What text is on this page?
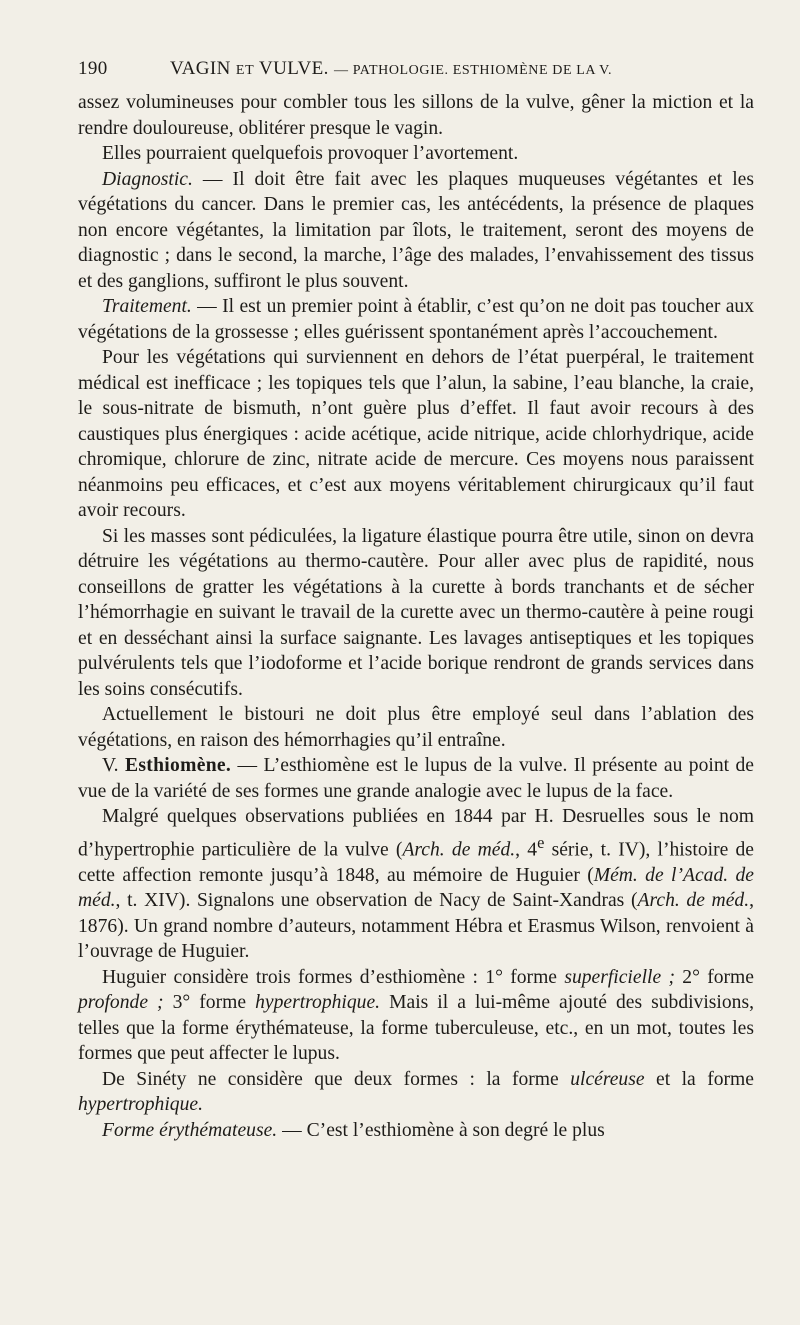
190	VAGIN ET VULVE. — PATHOLOGIE. ESTHIOMÈNE DE LA V.

assez volumineuses pour combler tous les sillons de la vulve, gêner la miction et la rendre douloureuse, oblitérer presque le vagin.

Elles pourraient quelquefois provoquer l’avortement.

Diagnostic. — Il doit être fait avec les plaques muqueuses végétantes et les végétations du cancer. Dans le premier cas, les antécédents, la présence de plaques non encore végétantes, la limitation par îlots, le traitement, seront des moyens de diagnostic ; dans le second, la marche, l’âge des malades, l’envahissement des tissus et des ganglions, suffiront le plus souvent.

Traitement. — Il est un premier point à établir, c’est qu’on ne doit pas toucher aux végétations de la grossesse ; elles guérissent spontanément après l’accouchement.

Pour les végétations qui surviennent en dehors de l’état puerpéral, le traitement médical est inefficace ; les topiques tels que l’alun, la sabine, l’eau blanche, la craie, le sous-nitrate de bismuth, n’ont guère plus d’effet. Il faut avoir recours à des caustiques plus énergiques : acide acétique, acide nitrique, acide chlorhydrique, acide chromique, chlorure de zinc, nitrate acide de mercure. Ces moyens nous paraissent néanmoins peu efficaces, et c’est aux moyens véritablement chirurgicaux qu’il faut avoir recours.

Si les masses sont pédiculées, la ligature élastique pourra être utile, sinon on devra détruire les végétations au thermo-cautère. Pour aller avec plus de rapidité, nous conseillons de gratter les végétations à la curette à bords tranchants et de sécher l’hémorrhagie en suivant le travail de la curette avec un thermo-cautère à peine rougi et en desséchant ainsi la surface saignante. Les lavages antiseptiques et les topiques pulvérulents tels que l’iodoforme et l’acide borique rendront de grands services dans les soins consécutifs.

Actuellement le bistouri ne doit plus être employé seul dans l’ablation des végétations, en raison des hémorrhagies qu’il entraîne.

V. Esthiomène. — L’esthiomène est le lupus de la vulve. Il présente au point de vue de la variété de ses formes une grande analogie avec le lupus de la face.

Malgré quelques observations publiées en 1844 par H. Desruelles sous le nom d’hypertrophie particulière de la vulve (Arch. de méd., 4e série, t. IV), l’histoire de cette affection remonte jusqu’à 1848, au mémoire de Huguier (Mém. de l’Acad. de méd., t. XIV). Signalons une observation de Nacy de Saint-Xandras (Arch. de méd., 1876). Un grand nombre d’auteurs, notamment Hébra et Erasmus Wilson, renvoient à l’ouvrage de Huguier.

Huguier considère trois formes d’esthiomène : 1° forme superficielle ; 2° forme profonde ; 3° forme hypertrophique. Mais il a lui-même ajouté des subdivisions, telles que la forme érythémateuse, la forme tuberculeuse, etc., en un mot, toutes les formes que peut affecter le lupus.

De Sinéty ne considère que deux formes : la forme ulcéreuse et la forme hypertrophique.

Forme érythémateuse. — C’est l’esthiomène à son degré le plus
